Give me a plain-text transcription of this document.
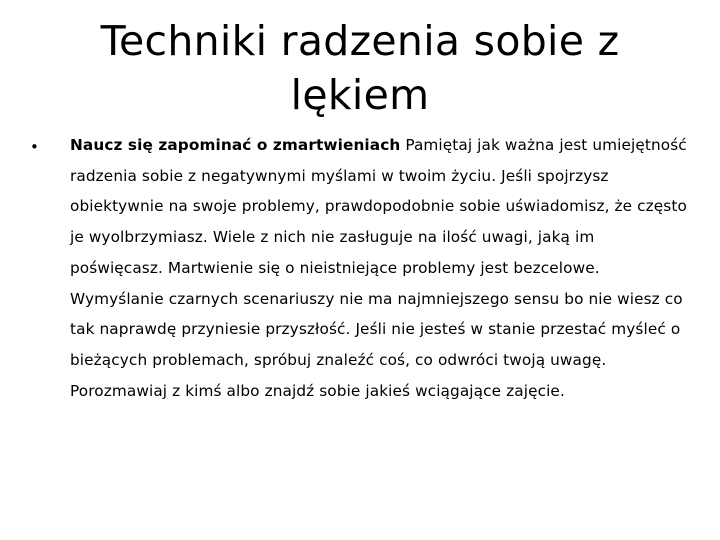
Techniki radzenia sobie z lękiem
• Naucz się zapominać o zmartwieniach Pamiętaj jak ważna jest umiejętność radzenia sobie z negatywnymi myślami w twoim życiu. Jeśli spojrzysz obiektywnie na swoje problemy, prawdopodobnie sobie uświadomisz, że często je wyolbrzymiasz. Wiele z nich nie zasługuje na ilość uwagi, jaką im poświęcasz. Martwienie się o nieistniejące problemy jest bezcelowe. Wymyślanie czarnych scenariuszy nie ma najmniejszego sensu bo nie wiesz co tak naprawdę przyniesie przyszłość. Jeśli nie jesteś w stanie przestać myśleć o bieżących problemach, spróbuj znaleźć coś, co odwróci twoją uwagę. Porozmawiaj z kimś albo znajdź sobie jakieś wciągające zajęcie.
